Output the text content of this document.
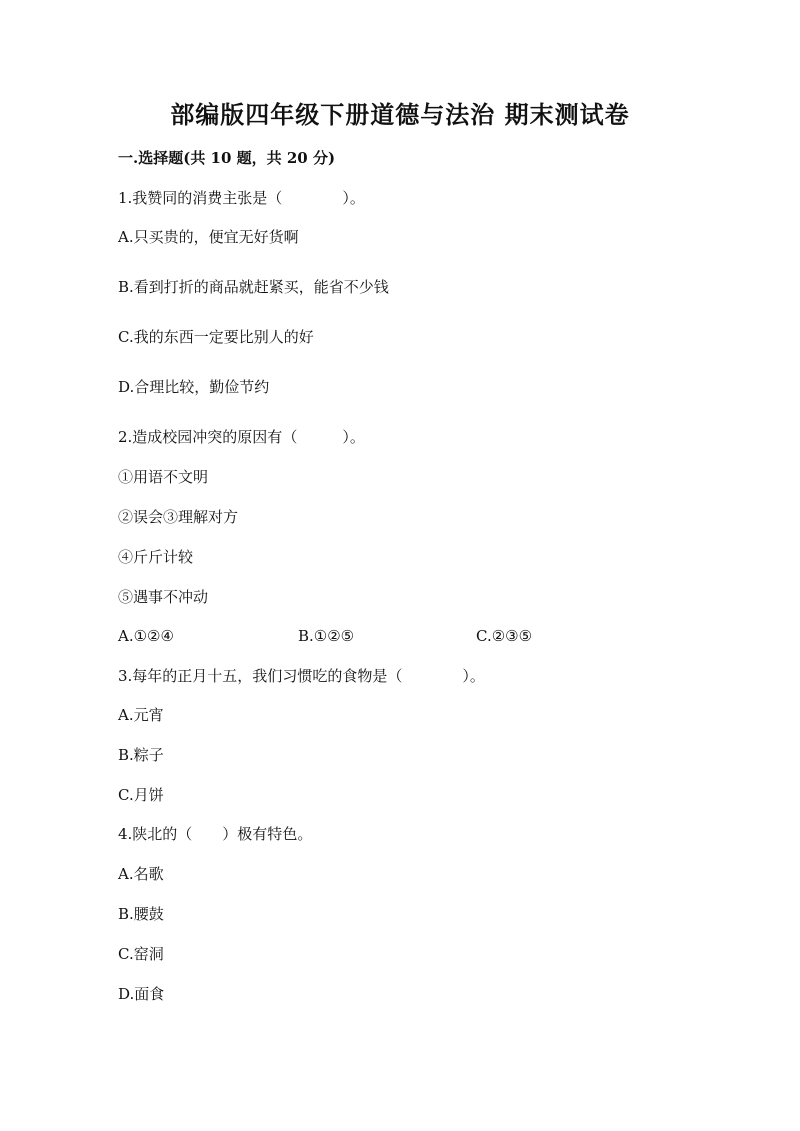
部编版四年级下册道德与法治 期末测试卷
一.选择题(共 10 题，共 20 分)
1.我赞同的消费主张是（　　　　）。
A.只买贵的，便宜无好货啊
B.看到打折的商品就赶紧买，能省不少钱
C.我的东西一定要比别人的好
D.合理比较，勤俭节约
2.造成校园冲突的原因有（　　　）。
①用语不文明
②误会③理解对方
④斤斤计较
⑤遇事不冲动
A.①②④	B.①②⑤	C.②③⑤
3.每年的正月十五，我们习惯吃的食物是（　　　　）。
A.元宵
B.粽子
C.月饼
4.陕北的（　　）极有特色。
A.名歌
B.腰鼓
C.窑洞
D.面食
